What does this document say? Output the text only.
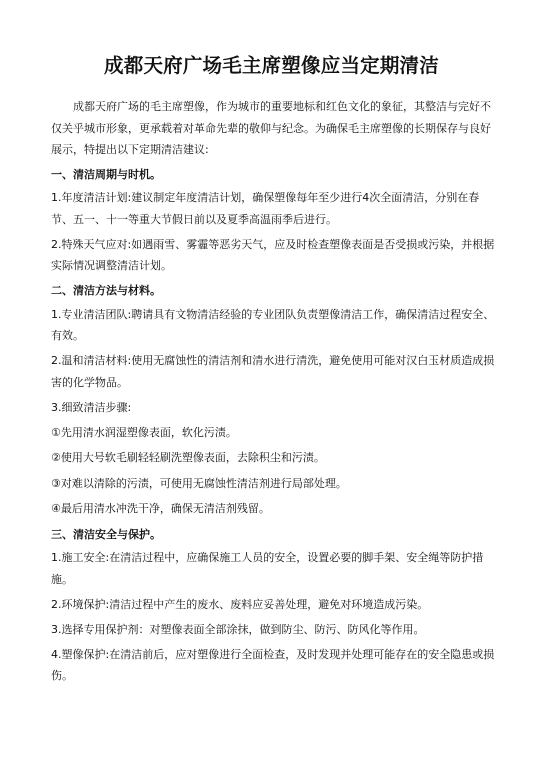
成都天府广场毛主席塑像应当定期清洁

成都天府广场的毛主席塑像，作为城市的重要地标和红色文化的象征，其整洁与完好不仅关乎城市形象，更承载着对革命先辈的敬仰与纪念。为确保毛主席塑像的长期保存与良好展示，特提出以下定期清洁建议:

一、清洁周期与时机。

1.年度清洁计划:建议制定年度清洁计划，确保塑像每年至少进行4次全面清洁，分别在春节、五一、十一等重大节假日前以及夏季高温雨季后进行。

2.特殊天气应对:如遇雨雪、雾霾等恶劣天气，应及时检查塑像表面是否受损或污染，并根据实际情况调整清洁计划。

二、清洁方法与材料。

1.专业清洁团队:聘请具有文物清洁经验的专业团队负责塑像清洁工作，确保清洁过程安全、有效。

2.温和清洁材料:使用无腐蚀性的清洁剂和清水进行清洗，避免使用可能对汉白玉材质造成损害的化学物品。

3.细致清洁步骤:

①先用清水润湿塑像表面，软化污渍。

②使用大号软毛刷轻轻刷洗塑像表面，去除积尘和污渍。

③对难以清除的污渍，可使用无腐蚀性清洁剂进行局部处理。

④最后用清水冲洗干净，确保无清洁剂残留。

三、清洁安全与保护。

1.施工安全:在清洁过程中，应确保施工人员的安全，设置必要的脚手架、安全绳等防护措施。

2.环境保护:清洁过程中产生的废水、废料应妥善处理，避免对环境造成污染。

3.选择专用保护剂：对塑像表面全部涂抹，做到防尘、防污、防风化等作用。

4.塑像保护:在清洁前后，应对塑像进行全面检查，及时发现并处理可能存在的安全隐患或损伤。
